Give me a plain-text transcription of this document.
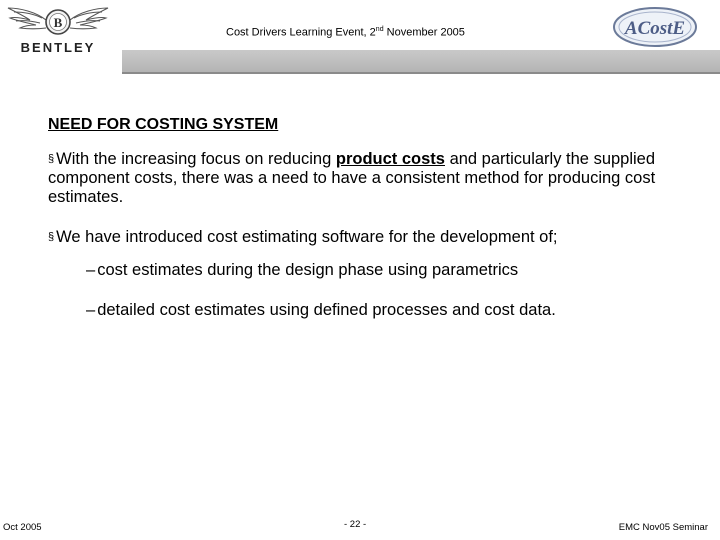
B
BENTLEY
Cost Drivers Learning Event, 2nd November 2005	ACostE
NEED FOR COSTING SYSTEM
§ With the increasing focus on reducing product costs and particularly the supplied component costs, there was a need to have a consistent method for producing cost estimates.
§ We have introduced cost estimating software for the development of;
– cost estimates during the design phase using parametrics
– detailed cost estimates using defined processes and cost data.
Oct 2005	- 22 -	EMC Nov05 Seminar
